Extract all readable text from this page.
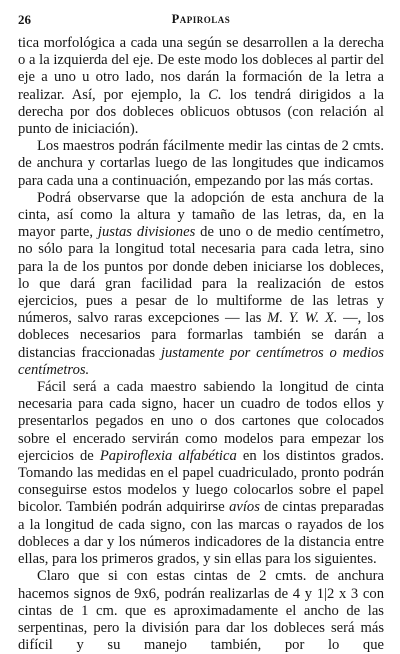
26	Papirolas

tica morfológica a cada una según se desarrollen a la derecha o a la izquierda del eje. De este modo los dobleces al partir del eje a uno u otro lado, nos darán la formación de la letra a realizar. Así, por ejemplo, la C. los tendrá dirigidos a la derecha por dos dobleces oblicuos obtusos (con relación al punto de iniciación).

Los maestros podrán fácilmente medir las cintas de 2 cmts. de anchura y cortarlas luego de las longitudes que indicamos para cada una a continuación, empezando por las más cortas.

Podrá observarse que la adopción de esta anchura de la cinta, así como la altura y tamaño de las letras, da, en la mayor parte, justas divisiones de uno o de medio centímetro, no sólo para la longitud total necesaria para cada letra, sino para la de los puntos por donde deben iniciarse los dobleces, lo que dará gran facilidad para la realización de estos ejercicios, pues a pesar de lo multiforme de las letras y números, salvo raras excepciones — las M. Y. W. X. —, los dobleces necesarios para formarlas también se darán a distancias fraccionadas justamente por centímetros o medios centímetros.

Fácil será a cada maestro sabiendo la longitud de cinta necesaria para cada signo, hacer un cuadro de todos ellos y presentarlos pegados en uno o dos cartones que colocados sobre el encerado servirán como modelos para empezar los ejercicios de Papiroflexia alfabética en los distintos grados. Tomando las medidas en el papel cuadriculado, pronto podrán conseguirse estos modelos y luego colocarlos sobre el papel bicolor. También podrán adquirirse avíos de cintas preparadas a la longitud de cada signo, con las marcas o rayados de los dobleces a dar y los números indicadores de la distancia entre ellas, para los primeros grados, y sin ellas para los siguientes.

Claro que si con estas cintas de 2 cmts. de anchura hacemos signos de 9x6, podrán realizarlas de 4 y 1|2 x 3 con cintas de 1 cm. que es aproximadamente el ancho de las serpentinas, pero la división para dar los dobleces será más difícil y su manejo también, por lo que
